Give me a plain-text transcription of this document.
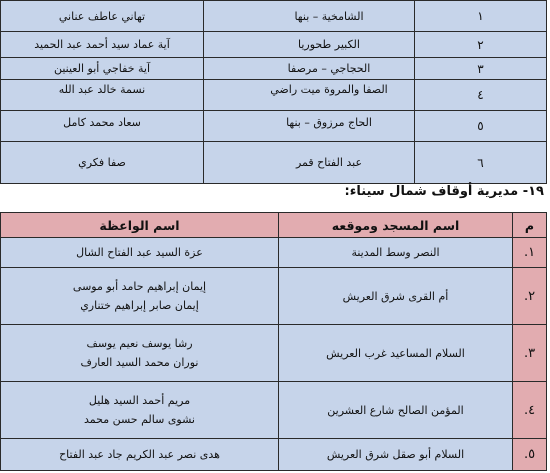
١	الشامخية – بنها	تهاني عاطف عناني
٢	الكبير طحوريا	آية عماد سيد أحمد عبد الحميد
٣	الحجاجي – مرصفا	آية خفاجي أبو العينين
٤	الصفا والمروة ميت راضي	نسمة خالد عبد الله
٥	الحاج مرزوق – بنها	سعاد محمد كامل
٦	عبد الفتاح قمر	صفا فكري
١٩- مديرية أوقاف شمال سيناء:
م	اسم المسجد وموقعه	اسم الواعظة
١.	النصر وسط المدينة	عزة السيد عبد الفتاح الشال
٢.	أم القرى شرق العريش	إيمان إبراهيم حامد أبو موسى
إيمان صابر إبراهيم ختناري

٣.	السلام المساعيد غرب العريش	رشا يوسف نعيم يوسف
نوران محمد السيد العارف

٤.	المؤمن الصالح شارع العشرين	مريم أحمد السيد هليل
نشوى سالم حسن محمد

٥.	السلام أبو صقل شرق العريش	هدى نصر عبد الكريم جاد عبد الفتاح
